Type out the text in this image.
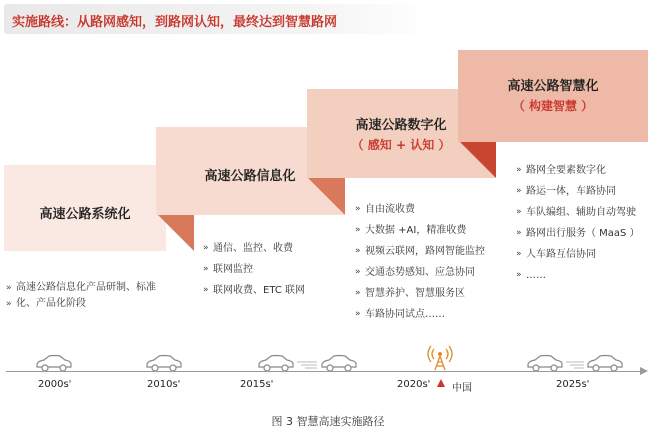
实施路线：从路网感知，到路网认知，最终达到智慧路网
高速公路系统化
高速公路信息化
高速公路数字化
（ 感知 + 认知 ）
高速公路智慧化
（ 构建智慧 ）
» 高速公路信息化产品研制、标准
» 化、产品化阶段
» 通信、监控、收费
» 联网监控
» 联网收费、ETC 联网
» 自由流收费
» 大数据 +AI，精准收费
» 视频云联网，路网智能监控
» 交通态势感知、应急协同
» 智慧养护、智慧服务区
» 车路协同试点……
» 路网全要素数字化
» 路运一体，车路协同
» 车队编组、辅助自动驾驶
» 路网出行服务（ MaaS ）
» 人车路互信协同
» ……
2000s'	2010s'	2015s'	2020s' 中国	2025s'
图 3 智慧高速实施路径
